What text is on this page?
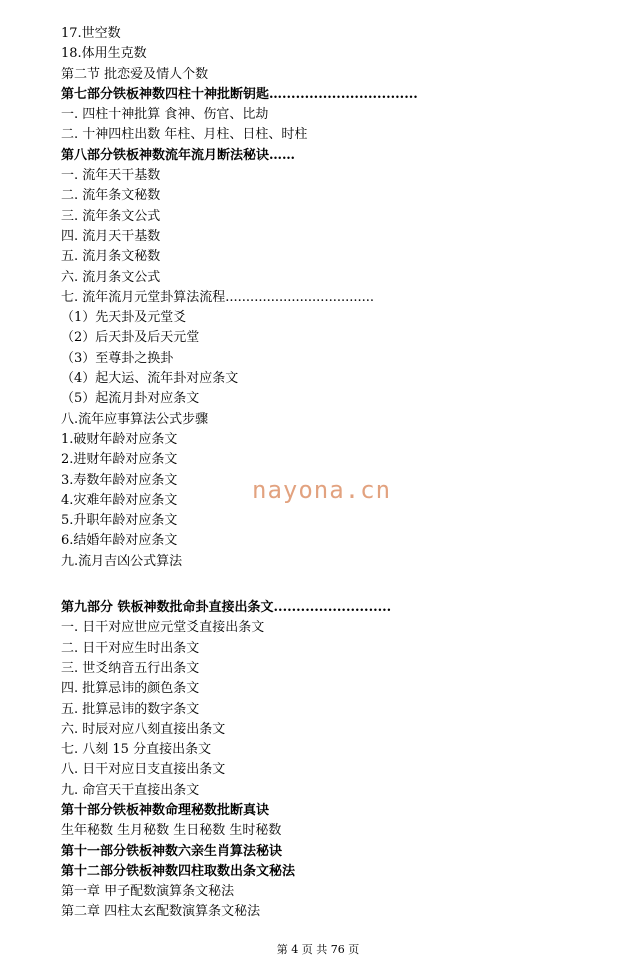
17.世空数
18.体用生克数
第二节 批恋爱及情人个数
第七部分铁板神数四柱十神批断钥匙…..............................
一. 四柱十神批算 食神、伤官、比劫
二. 十神四柱出数 年柱、月柱、日柱、时柱
第八部分铁板神数流年流月断法秘诀……
一. 流年天干基数
二. 流年条文秘数
三. 流年条文公式
四. 流月天干基数
五. 流月条文秘数
六. 流月条文公式
七. 流年流月元堂卦算法流程....................................
（1）先天卦及元堂爻
（2）后天卦及后天元堂
（3）至尊卦之换卦
（4）起大运、流年卦对应条文
（5）起流月卦对应条文
八.流年应事算法公式步骤
1.破财年龄对应条文
2.进财年龄对应条文
3.寿数年龄对应条文
4.灾难年龄对应条文
5.升职年龄对应条文
6.结婚年龄对应条文
九.流月吉凶公式算法
第九部分 铁板神数批命卦直接出条文..........................
一. 日干对应世应元堂爻直接出条文
二. 日干对应生时出条文
三. 世爻纳音五行出条文
四. 批算忌讳的颜色条文
五. 批算忌讳的数字条文
六. 时辰对应八刻直接出条文
七. 八刻 15 分直接出条文
八. 日干对应日支直接出条文
九. 命宫天干直接出条文
第十部分铁板神数命理秘数批断真诀
生年秘数 生月秘数 生日秘数 生时秘数
第十一部分铁板神数六亲生肖算法秘诀
第十二部分铁板神数四柱取数出条文秘法
第一章 甲子配数演算条文秘法
第二章 四柱太玄配数演算条文秘法
nayona.cn
第 4 页 共 76 页
